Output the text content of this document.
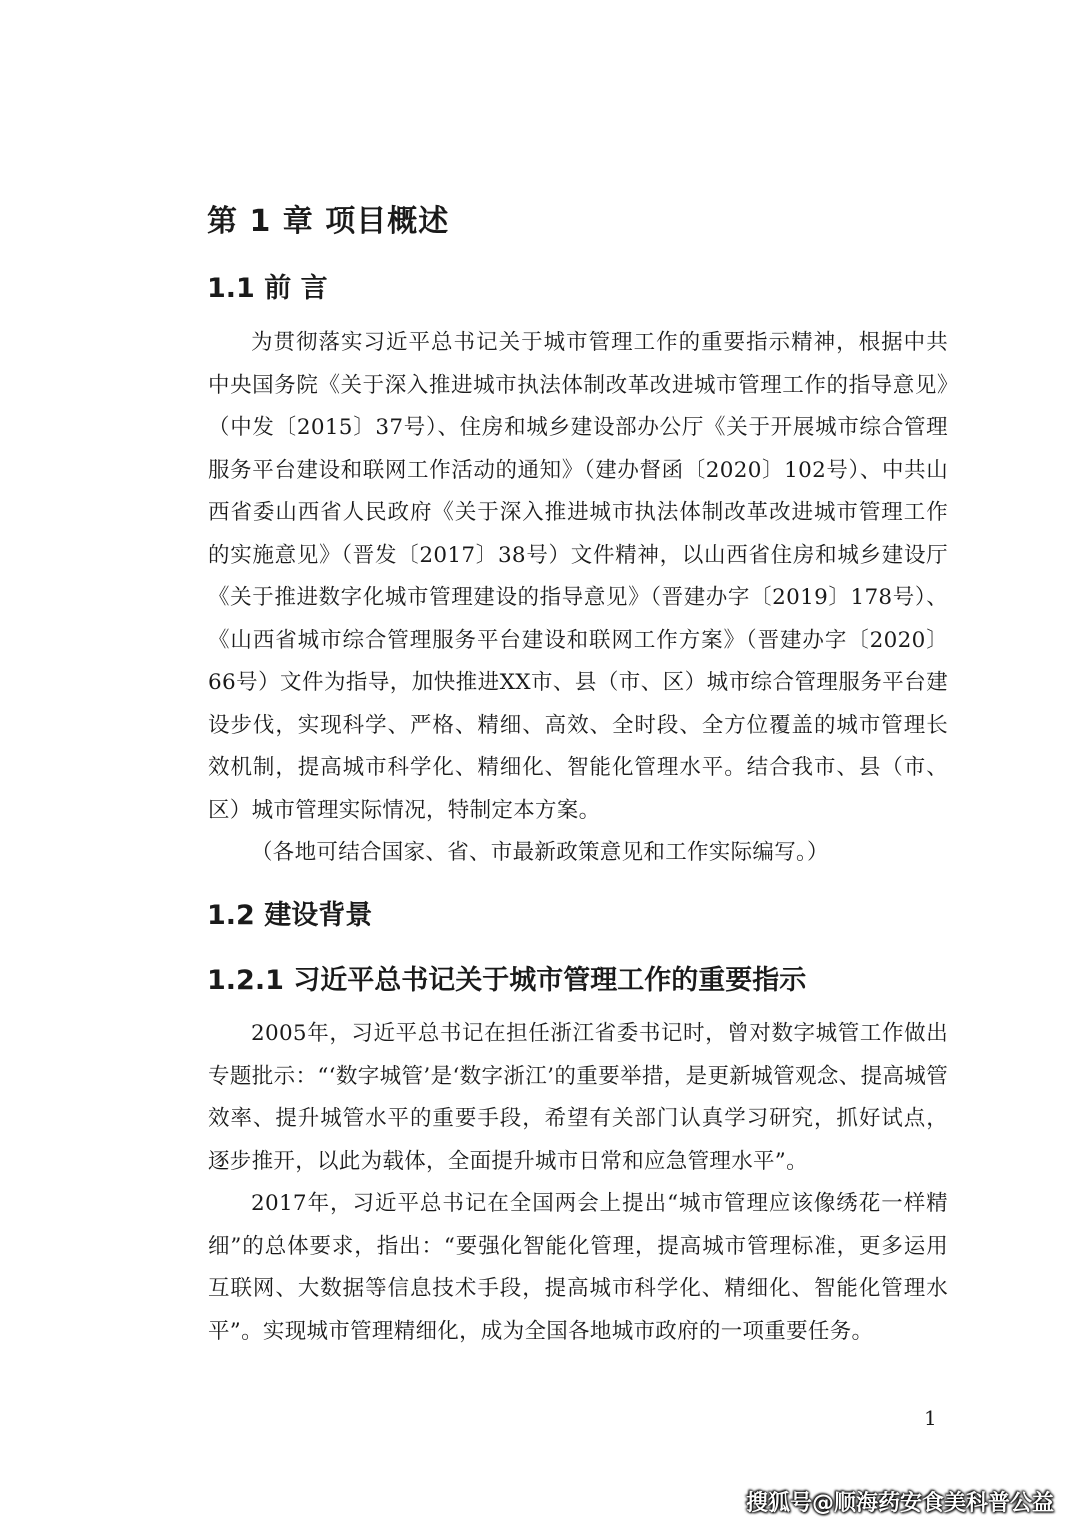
第 1 章 项目概述
1.1 前 言

为贯彻落实习近平总书记关于城市管理工作的重要指示精神，根据中共中央国务院《关于深入推进城市执法体制改革改进城市管理工作的指导意见》（中发〔2015〕37号）、住房和城乡建设部办公厅《关于开展城市综合管理服务平台建设和联网工作活动的通知》（建办督函〔2020〕102号）、中共山西省委山西省人民政府《关于深入推进城市执法体制改革改进城市管理工作的实施意见》（晋发〔2017〕38号）文件精神，以山西省住房和城乡建设厅《关于推进数字化城市管理建设的指导意见》（晋建办字〔2019〕178号）、《山西省城市综合管理服务平台建设和联网工作方案》（晋建办字〔2020〕66号）文件为指导，加快推进XX市、县（市、区）城市综合管理服务平台建设步伐，实现科学、严格、精细、高效、全时段、全方位覆盖的城市管理长效机制，提高城市科学化、精细化、智能化管理水平。结合我市、县（市、区）城市管理实际情况，特制定本方案。

（各地可结合国家、省、市最新政策意见和工作实际编写。）

1.2 建设背景
1.2.1 习近平总书记关于城市管理工作的重要指示

2005年，习近平总书记在担任浙江省委书记时，曾对数字城管工作做出专题批示：“‘数字城管’是‘数字浙江’的重要举措，是更新城管观念、提高城管效率、提升城管水平的重要手段，希望有关部门认真学习研究，抓好试点，逐步推开，以此为载体，全面提升城市日常和应急管理水平”。

2017年，习近平总书记在全国两会上提出“城市管理应该像绣花一样精细”的总体要求，指出：“要强化智能化管理，提高城市管理标准，更多运用互联网、大数据等信息技术手段，提高城市科学化、精细化、智能化管理水平”。实现城市管理精细化，成为全国各地城市政府的一项重要任务。

1
搜狐号@顺海药安食美科普公益
